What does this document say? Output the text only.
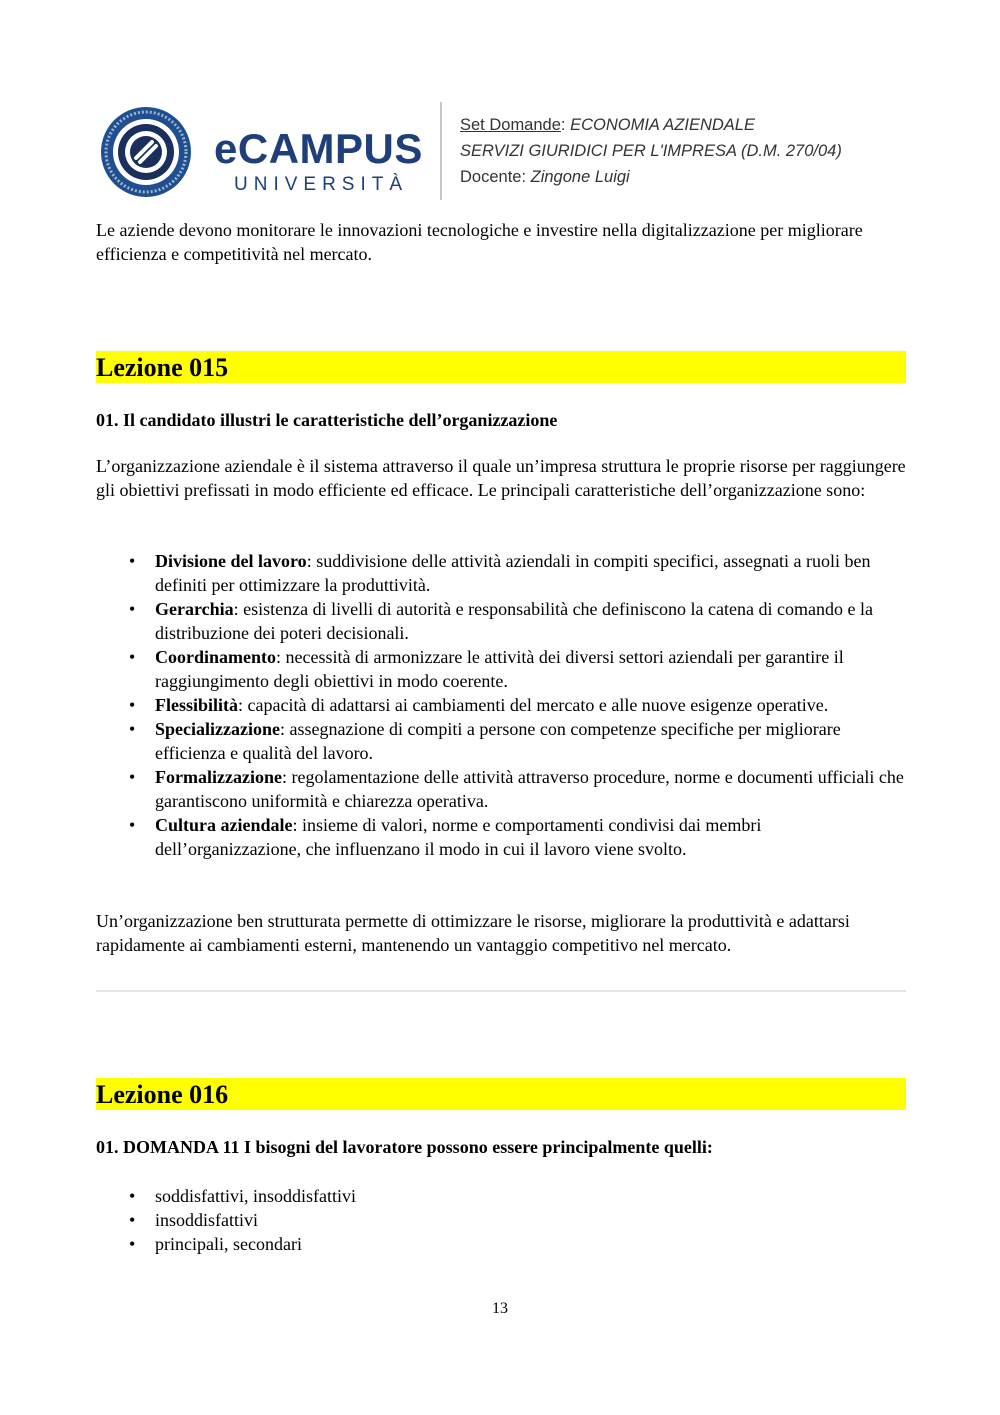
eCAMPUS
UNIVERSITÀ
Set Domande: ECONOMIA AZIENDALE
SERVIZI GIURIDICI PER L'IMPRESA (D.M. 270/04)
Docente: Zingone Luigi

Le aziende devono monitorare le innovazioni tecnologiche e investire nella digitalizzazione per migliorare efficienza e competitività nel mercato.

Lezione 015
01. Il candidato illustri le caratteristiche dell’organizzazione

L’organizzazione aziendale è il sistema attraverso il quale un’impresa struttura le proprie risorse per raggiungere gli obiettivi prefissati in modo efficiente ed efficace. Le principali caratteristiche dell’organizzazione sono:

• Divisione del lavoro: suddivisione delle attività aziendali in compiti specifici, assegnati a ruoli ben definiti per ottimizzare la produttività.
• Gerarchia: esistenza di livelli di autorità e responsabilità che definiscono la catena di comando e la distribuzione dei poteri decisionali.
• Coordinamento: necessità di armonizzare le attività dei diversi settori aziendali per garantire il raggiungimento degli obiettivi in modo coerente.
• Flessibilità: capacità di adattarsi ai cambiamenti del mercato e alle nuove esigenze operative.
• Specializzazione: assegnazione di compiti a persone con competenze specifiche per migliorare efficienza e qualità del lavoro.
• Formalizzazione: regolamentazione delle attività attraverso procedure, norme e documenti ufficiali che garantiscono uniformità e chiarezza operativa.
• Cultura aziendale: insieme di valori, norme e comportamenti condivisi dai membri dell’organizzazione, che influenzano il modo in cui il lavoro viene svolto.

Un’organizzazione ben strutturata permette di ottimizzare le risorse, migliorare la produttività e adattarsi rapidamente ai cambiamenti esterni, mantenendo un vantaggio competitivo nel mercato.

Lezione 016
01. DOMANDA 11 I bisogni del lavoratore possono essere principalmente quelli:
• soddisfattivi, insoddisfattivi
• insoddisfattivi
• principali, secondari
13
